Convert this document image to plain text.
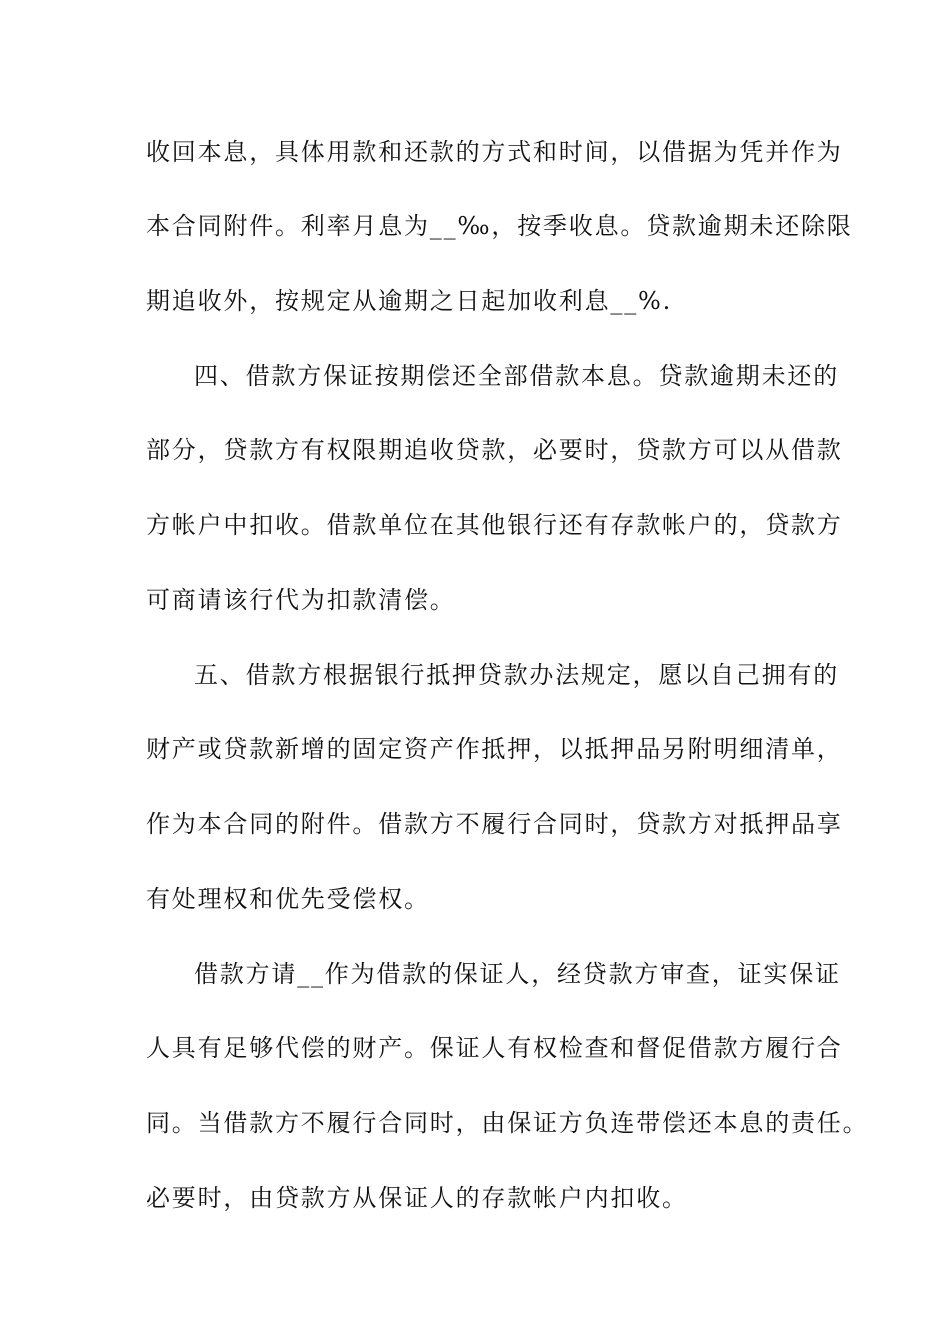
收回本息，具体用款和还款的方式和时间，以借据为凭并作为
本合同附件。利率月息为__‰，按季收息。贷款逾期未还除限
期追收外，按规定从逾期之日起加收利息__%.
四、借款方保证按期偿还全部借款本息。贷款逾期未还的
部分，贷款方有权限期追收贷款，必要时，贷款方可以从借款
方帐户中扣收。借款单位在其他银行还有存款帐户的，贷款方
可商请该行代为扣款清偿。
五、借款方根据银行抵押贷款办法规定，愿以自己拥有的
财产或贷款新增的固定资产作抵押，以抵押品另附明细清单，
作为本合同的附件。借款方不履行合同时，贷款方对抵押品享
有处理权和优先受偿权。
借款方请__作为借款的保证人，经贷款方审查，证实保证
人具有足够代偿的财产。保证人有权检查和督促借款方履行合
同。当借款方不履行合同时，由保证方负连带偿还本息的责任。
必要时，由贷款方从保证人的存款帐户内扣收。
